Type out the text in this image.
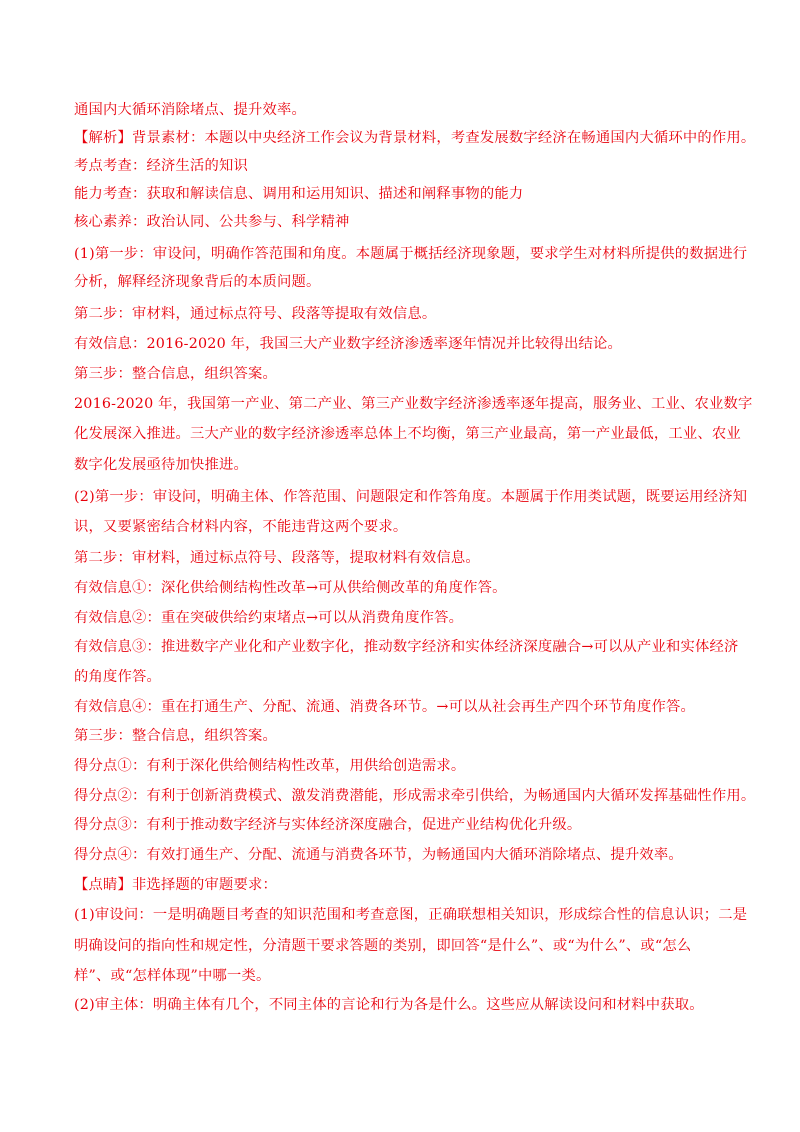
通国内大循环消除堵点、提升效率。
【解析】背景素材：本题以中央经济工作会议为背景材料，考查发展数字经济在畅通国内大循环中的作用。
考点考查：经济生活的知识
能力考查：获取和解读信息、调用和运用知识、描述和阐释事物的能力
核心素养：政治认同、公共参与、科学精神
(1)第一步：审设问，明确作答范围和角度。本题属于概括经济现象题，要求学生对材料所提供的数据进行
分析，解释经济现象背后的本质问题。
第二步：审材料，通过标点符号、段落等提取有效信息。
有效信息：2016-2020 年，我国三大产业数字经济渗透率逐年情况并比较得出结论。
第三步：整合信息，组织答案。
2016-2020 年，我国第一产业、第二产业、第三产业数字经济渗透率逐年提高，服务业、工业、农业数字
化发展深入推进。三大产业的数字经济渗透率总体上不均衡，第三产业最高，第一产业最低，工业、农业
数字化发展亟待加快推进。
(2)第一步：审设问，明确主体、作答范围、问题限定和作答角度。本题属于作用类试题，既要运用经济知
识，又要紧密结合材料内容，不能违背这两个要求。
第二步：审材料，通过标点符号、段落等，提取材料有效信息。
有效信息①：深化供给侧结构性改革→可从供给侧改革的角度作答。
有效信息②：重在突破供给约束堵点→可以从消费角度作答。
有效信息③：推进数字产业化和产业数字化，推动数字经济和实体经济深度融合→可以从产业和实体经济
的角度作答。
有效信息④：重在打通生产、分配、流通、消费各环节。→可以从社会再生产四个环节角度作答。
第三步：整合信息，组织答案。
得分点①：有利于深化供给侧结构性改革，用供给创造需求。
得分点②：有利于创新消费模式、激发消费潜能，形成需求牵引供给，为畅通国内大循环发挥基础性作用。
得分点③：有利于推动数字经济与实体经济深度融合，促进产业结构优化升级。
得分点④：有效打通生产、分配、流通与消费各环节，为畅通国内大循环消除堵点、提升效率。
【点睛】非选择题的审题要求：
(1)审设问：一是明确题目考查的知识范围和考查意图，正确联想相关知识，形成综合性的信息认识；二是
明确设问的指向性和规定性，分清题干要求答题的类别，即回答“是什么”、或“为什么”、或“怎么
样”、或“怎样体现”中哪一类。
(2)审主体：明确主体有几个，不同主体的言论和行为各是什么。这些应从解读设问和材料中获取。
